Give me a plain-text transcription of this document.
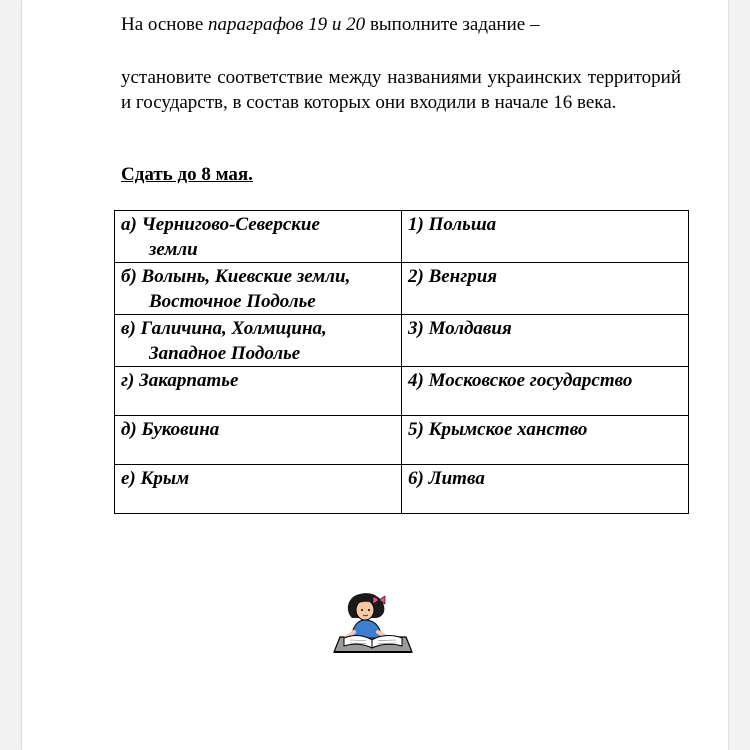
На основе параграфов 19 и 20 выполните задание –
установите соответствие между названиями украинских территорий и государств, в состав которых они входили в начале 16 века.
Сдать до 8 мая.
а) Чернигово-Северские
земли	1) Польша
б) Волынь, Киевские земли,
Восточное Подолье	2) Венгрия
в) Галичина, Холмщина,
Западное Подолье	3) Молдавия
г) Закарпатье	4) Московское государство
д) Буковина	5) Крымское ханство
е) Крым	6) Литва
